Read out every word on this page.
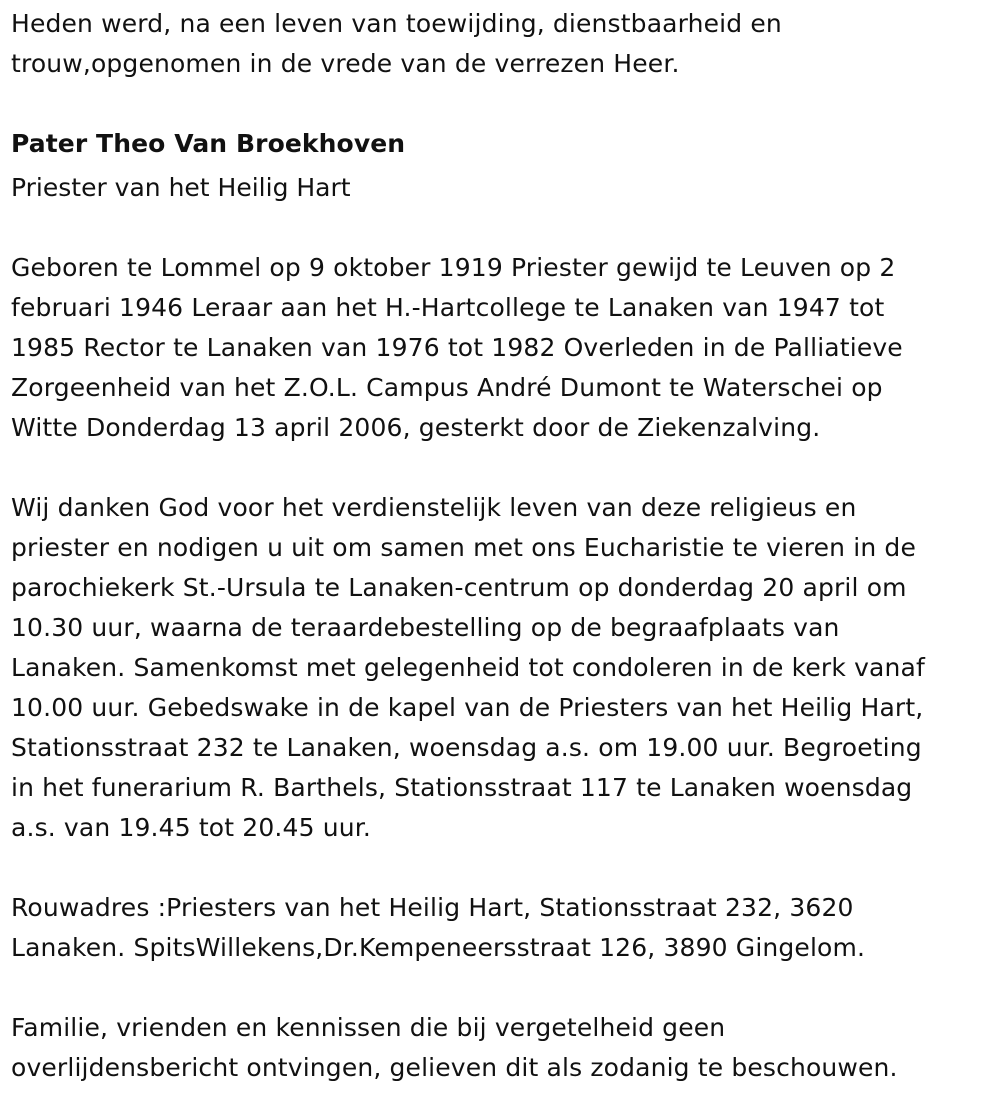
Heden werd, na een leven van toewijding, dienstbaarheid en
trouw,opgenomen in de vrede van de verrezen Heer.

Pater Theo Van Broekhoven

Priester van het Heilig Hart

Geboren te Lommel op 9 oktober 1919 Priester gewijd te Leuven op 2
februari 1946 Leraar aan het H.-Hartcollege te Lanaken van 1947 tot
1985 Rector te Lanaken van 1976 tot 1982 Overleden in de Palliatieve
Zorgeenheid van het Z.O.L. Campus André Dumont te Waterschei op
Witte Donderdag 13 april 2006, gesterkt door de Ziekenzalving.

Wij danken God voor het verdienstelijk leven van deze religieus en
priester en nodigen u uit om samen met ons Eucharistie te vieren in de
parochiekerk St.-Ursula te Lanaken-centrum op donderdag 20 april om
10.30 uur, waarna de teraardebestelling op de begraafplaats van
Lanaken. Samenkomst met gelegenheid tot condoleren in de kerk vanaf
10.00 uur. Gebedswake in de kapel van de Priesters van het Heilig Hart,
Stationsstraat 232 te Lanaken, woensdag a.s. om 19.00 uur. Begroeting
in het funerarium R. Barthels, Stationsstraat 117 te Lanaken woensdag
a.s. van 19.45 tot 20.45 uur.

Rouwadres :Priesters van het Heilig Hart, Stationsstraat 232, 3620
Lanaken. SpitsWillekens,Dr.Kempeneersstraat 126, 3890 Gingelom.

Familie, vrienden en kennissen die bij vergetelheid geen
overlijdensbericht ontvingen, gelieven dit als zodanig te beschouwen.
